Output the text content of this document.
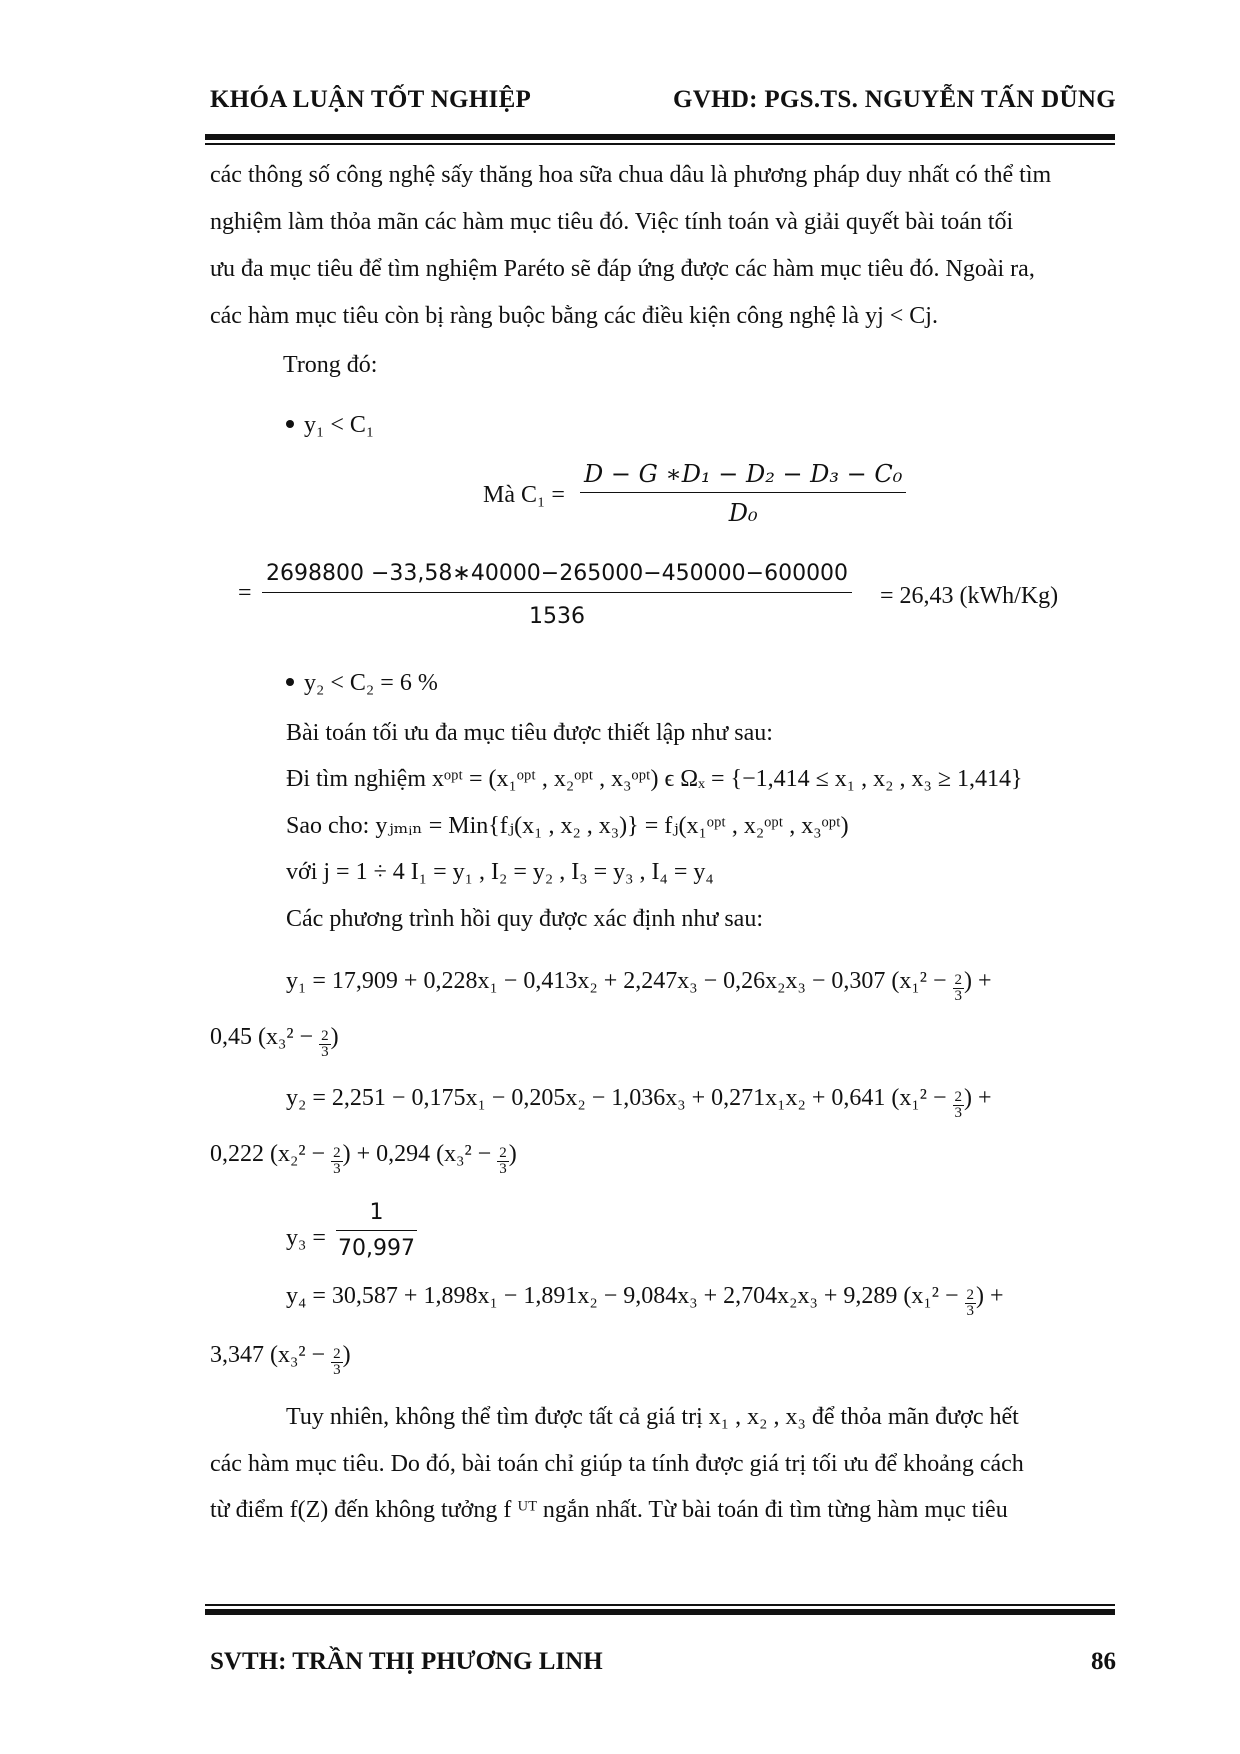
KHÓA LUẬN TỐT NGHIỆP	GVHD: PGS.TS. NGUYỄN TẤN DŨNG
các thông số công nghệ sấy thăng hoa sữa chua dâu là phương pháp duy nhất có thể tìm
nghiệm làm thỏa mãn các hàm mục tiêu đó. Việc tính toán và giải quyết bài toán tối
ưu đa mục tiêu để tìm nghiệm Paréto sẽ đáp ứng được các hàm mục tiêu đó. Ngoài ra,
các hàm mục tiêu còn bị ràng buộc bằng các điều kiện công nghệ là yj < Cj.
Trong đó:
y₁ < C₁
Mà $C_1 = \frac{\text{D − G ∗D₁ − D₂ − D₃ − C₀}}{\text{D₀}}$
= $\frac{2698800 -33,58∗40000-265000-450000-600000}{1536} = 26,43$ (kWh/Kg)
y₂ < C₂ = 6 %
Bài toán tối ưu đa mục tiêu được thiết lập như sau:
Đi tìm nghiệm xᵒᵖᵗ = (x₁ᵒᵖᵗ , x₂ᵒᵖᵗ , x₃ᵒᵖᵗ) ϵ Ωₓ = {−1,414 ≤ x₁ , x₂ , x₃ ≥ 1,414}
Sao cho: yⱼₘᵢₙ = Min{fⱼ(x₁ , x₂ , x₃)} = fⱼ(x₁ᵒᵖᵗ , x₂ᵒᵖᵗ , x₃ᵒᵖᵗ)
với j = 1 ÷ 4 I₁ = y₁ , I₂ = y₂ , I₃ = y₃ , I₄ = y₄
Các phương trình hồi quy được xác định như sau:
y₁ = 17,909 + 0,228x₁ − 0,413x₂ + 2,247x₃ − 0,26x₂x₃ − 0,307 ($x_1^2 - \frac{2}{3}$ ) +
0,45 ($x_3^2 - \frac{2}{3}$ )
y₂ = 2,251 − 0,175x₁ − 0,205x₂ − 1,036x₃ + 0,271x₁x₂ + 0,641 ($x_1^2 - \frac{2}{3}$ ) +
0,222 ($x_2^2 - \frac{2}{3}$ ) + 0,294 ($x_3^2 - \frac{2}{3}$ )
$y_3 = \frac{1}{70,997}$
y₄ = 30,587 + 1,898x₁ − 1,891x₂ − 9,084x₃ + 2,704x₂x₃ + 9,289 ($x_1^2 - \frac{2}{3}$ ) +
3,347 ($x_3^2 - \frac{2}{3}$ )
Tuy nhiên, không thể tìm được tất cả giá trị x₁ , x₂ , x₃ để thỏa mãn được hết
các hàm mục tiêu. Do đó, bài toán chỉ giúp ta tính được giá trị tối ưu để khoảng cách
từ điểm f(Z) đến không tưởng f ᵁᵀ ngắn nhất. Từ bài toán đi tìm từng hàm mục tiêu
SVTH: TRẦN THỊ PHƯƠNG LINH	86
